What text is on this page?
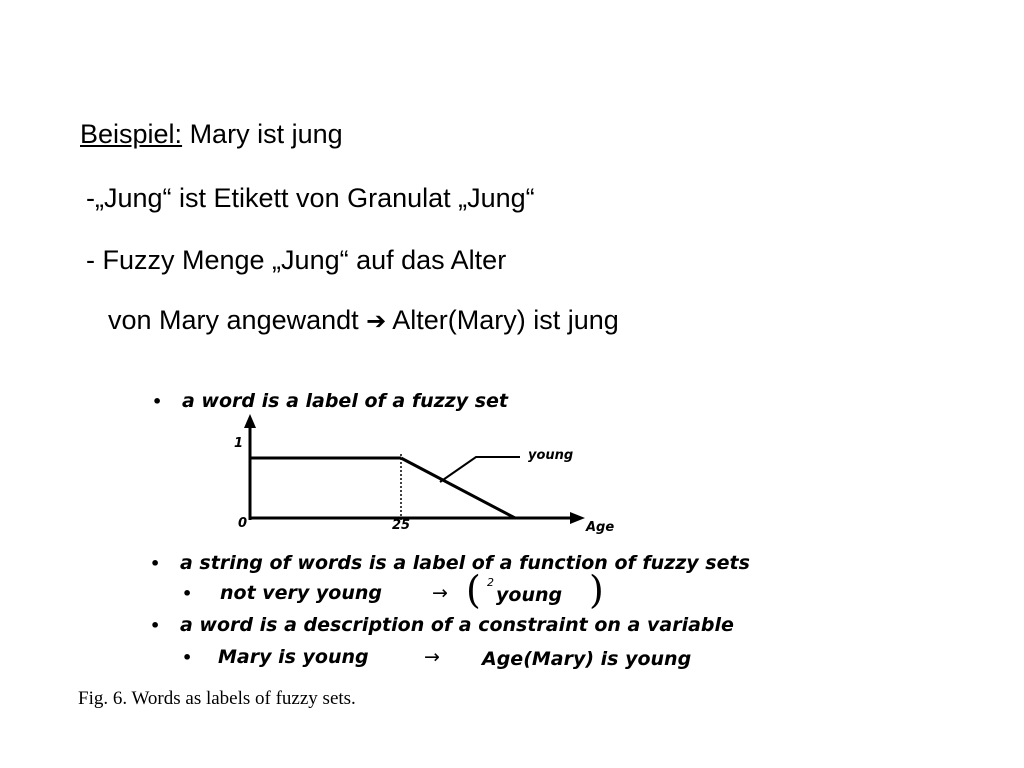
Beispiel: Mary ist jung
-„Jung“ ist Etikett von Granulat „Jung“
- Fuzzy Menge „Jung“ auf das Alter
von Mary angewandt ➔ Alter(Mary) ist jung
• a word is a label of a fuzzy set
1
0	25	Age
young
• a string of words is a label of a function of fuzzy sets
• not very young	→ ( 2
young )
• a word is a description of a constraint on a variable
• Mary is young	→ Age(Mary) is young
Fig. 6. Words as labels of fuzzy sets.
